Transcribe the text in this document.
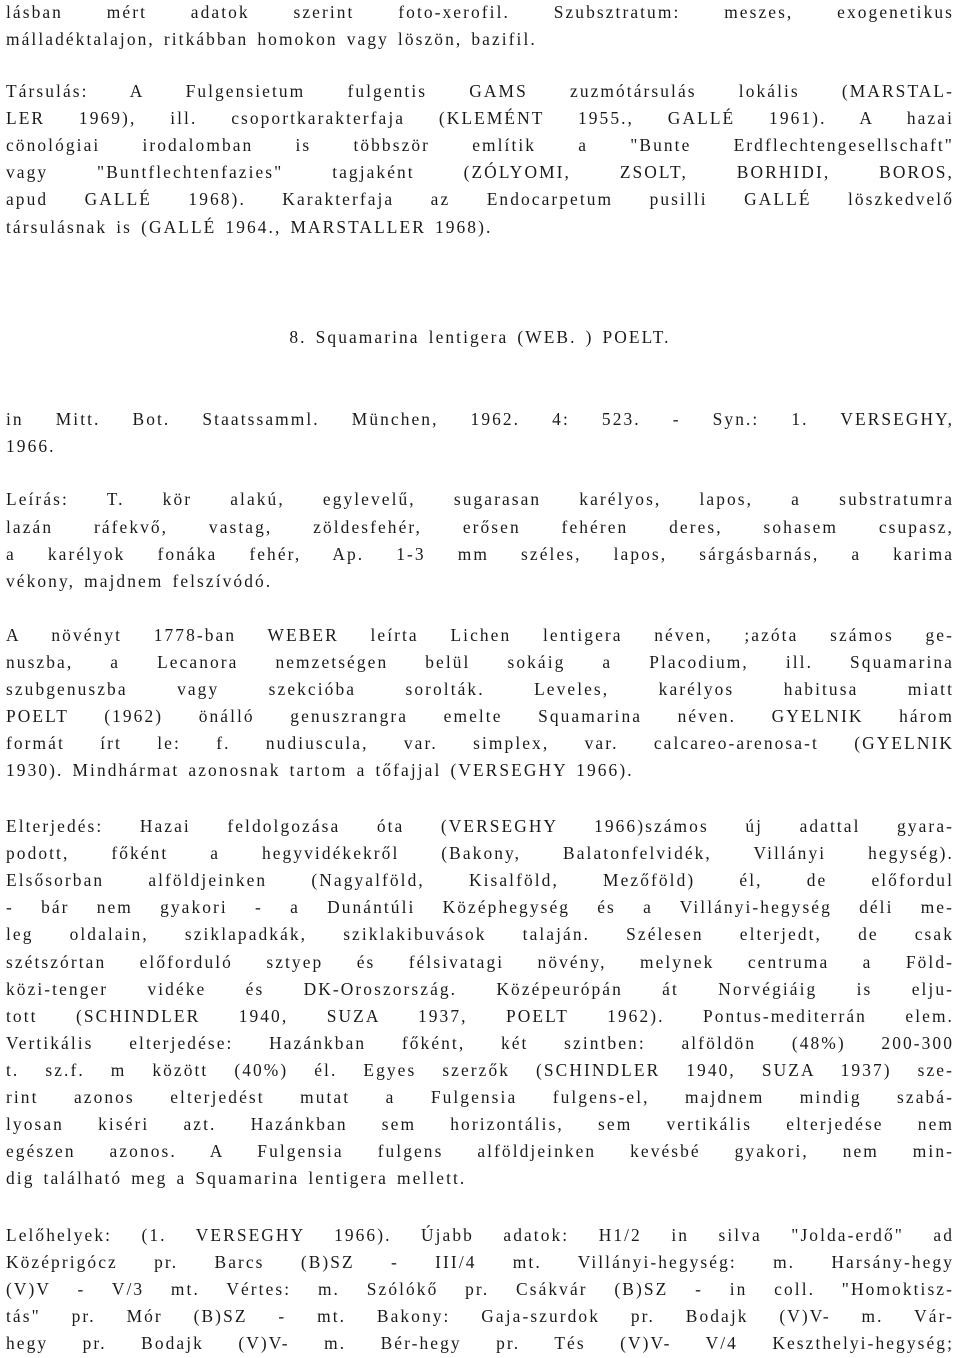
lásban mért adatok szerint foto-xerofil. Szubsztratum: meszes, exogenetikus
málladéktalajon, ritkábban homokon vagy löszön, bazifil.
Társulás: A Fulgensietum fulgentis GAMS zuzmótársulás lokális (MARSTAL-
LER 1969), ill. csoportkarakterfaja (KLEMÉNT 1955., GALLÉ 1961). A hazai
cönológiai irodalomban is többször említik a "Bunte Erdflechtengesellschaft"
vagy "Buntflechtenfazies" tagjaként (ZÓLYOMI, ZSOLT, BORHIDI, BOROS,
apud GALLÉ 1968). Karakterfaja az Endocarpetum pusilli GALLÉ löszkedvelő
társulásnak is (GALLÉ 1964., MARSTALLER 1968).
8. Squamarina lentigera (WEB. ) POELT.
in Mitt. Bot. Staatssamml. München, 1962. 4: 523. - Syn.: 1. VERSEGHY,
1966.
Leírás: T. kör alakú, egylevelű, sugarasan karélyos, lapos, a substratumra
lazán ráfekvő, vastag, zöldesfehér, erősen fehéren deres, sohasem csupasz,
a karélyok fonáka fehér, Ap. 1-3 mm széles, lapos, sárgásbarnás, a karima
vékony, majdnem felszívódó.
A növényt 1778-ban WEBER leírta Lichen lentigera néven, ;azóta számos ge-
nuszba, a Lecanora nemzetségen belül sokáig a Placodium, ill. Squamarina
szubgenuszba vagy szekcióba sorolták. Leveles, karélyos habitusa miatt
POELT (1962) önálló genuszrangra emelte Squamarina néven. GYELNIK három
formát írt le: f. nudiuscula, var. simplex, var. calcareo-arenosa-t (GYELNIK
1930). Mindhármat azonosnak tartom a tőfajjal (VERSEGHY 1966).
Elterjedés: Hazai feldolgozása óta (VERSEGHY 1966)számos új adattal gyara-
podott, főként a hegyvidékekről (Bakony, Balatonfelvidék, Villányi hegység).
Elsősorban alföldjeinken (Nagyalföld, Kisalföld, Mezőföld) él, de előfordul
- bár nem gyakori - a Dunántúli Középhegység és a Villányi-hegység déli me-
leg oldalain, sziklapadkák, sziklakibuvások talaján. Szélesen elterjedt, de csak
szétszórtan előforduló sztyep és félsivatagi növény, melynek centruma a Föld-
közi-tenger vidéke és DK-Oroszország. Középeurópán át Norvégiáig is elju-
tott (SCHINDLER 1940, SUZA 1937, POELT 1962). Pontus-mediterrán elem.
Vertikális elterjedése: Hazánkban főként, két szintben: alföldön (48%) 200-300
t. sz.f. m között (40%) él. Egyes szerzők (SCHINDLER 1940, SUZA 1937) sze-
rint azonos elterjedést mutat a Fulgensia fulgens-el, majdnem mindig szabá-
lyosan kiséri azt. Hazánkban sem horizontális, sem vertikális elterjedése nem
egészen azonos. A Fulgensia fulgens alföldjeinken kevésbé gyakori, nem min-
dig található meg a Squamarina lentigera mellett.
Lelőhelyek: (1. VERSEGHY 1966). Újabb adatok: H1/2 in silva "Jolda-erdő" ad
Középrigócz pr. Barcs (B)SZ - III/4 mt. Villányi-hegység: m. Harsány-hegy
(V)V - V/3 mt. Vértes: m. Szólókő pr. Csákvár (B)SZ - in coll. "Homoktisz-
tás" pr. Mór (B)SZ - mt. Bakony: Gaja-szurdok pr. Bodajk (V)V- m. Vár-
hegy pr. Bodajk (V)V- m. Bér-hegy pr. Tés (V)V- V/4 Keszthelyi-hegység;
